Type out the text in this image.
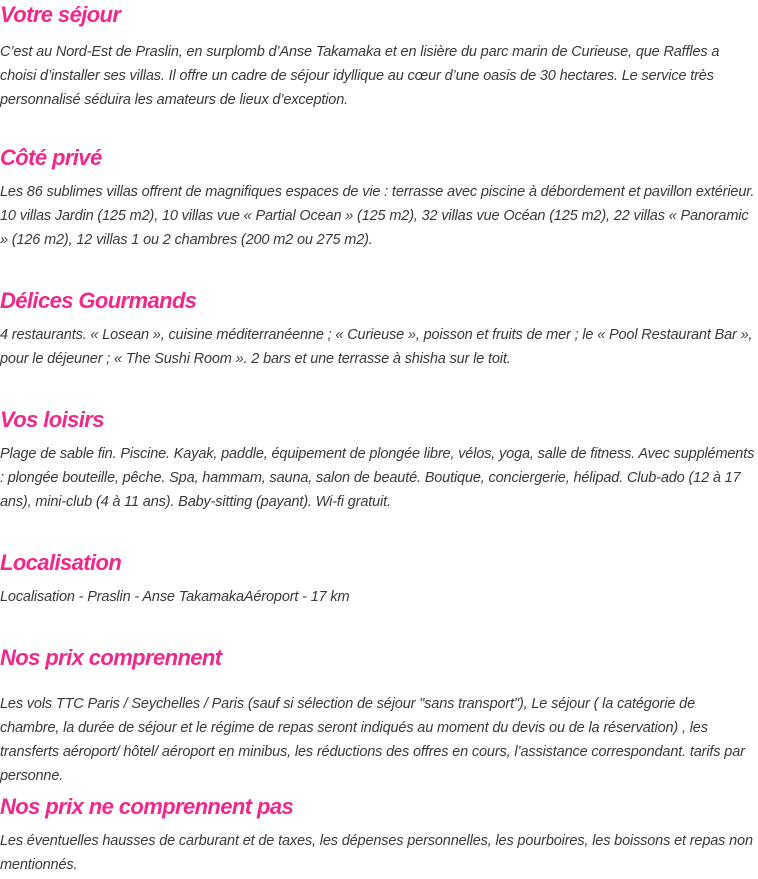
Votre séjour

C’est au Nord-Est de Praslin, en surplomb d’Anse Takamaka et en lisière du parc marin de Curieuse, que Raffles a choisi d’installer ses villas. Il offre un cadre de séjour idyllique au cœur d’une oasis de 30 hectares. Le service très personnalisé séduira les amateurs de lieux d’exception.

Côté privé

Les 86 sublimes villas offrent de magnifiques espaces de vie : terrasse avec piscine à débordement et pavillon extérieur. 10 villas Jardin (125 m2), 10 villas vue « Partial Ocean » (125 m2), 32 villas vue Océan (125 m2), 22 villas « Panoramic » (126 m2), 12 villas 1 ou 2 chambres (200 m2 ou 275 m2).

Délices Gourmands

4 restaurants. « Losean », cuisine méditerranéenne ; « Curieuse », poisson et fruits de mer ; le « Pool Restaurant Bar », pour le déjeuner ; « The Sushi Room ». 2 bars et une terrasse à shisha sur le toit.

Vos loisirs

Plage de sable fin. Piscine. Kayak, paddle, équipement de plongée libre, vélos, yoga, salle de fitness. Avec suppléments : plongée bouteille, pêche. Spa, hammam, sauna, salon de beauté. Boutique, conciergerie, hélipad. Club-ado (12 à 17 ans), mini-club (4 à 11 ans). Baby-sitting (payant). Wi-fi gratuit.

Localisation

Localisation - Praslin - Anse TakamakaAéroport - 17 km

Nos prix comprennent

Les vols TTC Paris / Seychelles / Paris (sauf si sélection de séjour "sans transport"), Le séjour ( la catégorie de chambre, la durée de séjour et le régime de repas seront indiqués au moment du devis ou de la réservation) , les transferts aéroport/ hôtel/ aéroport en minibus, les réductions des offres en cours, l’assistance correspondant. tarifs par personne.

Nos prix ne comprennent pas

Les éventuelles hausses de carburant et de taxes, les dépenses personnelles, les pourboires, les boissons et repas non mentionnés.
